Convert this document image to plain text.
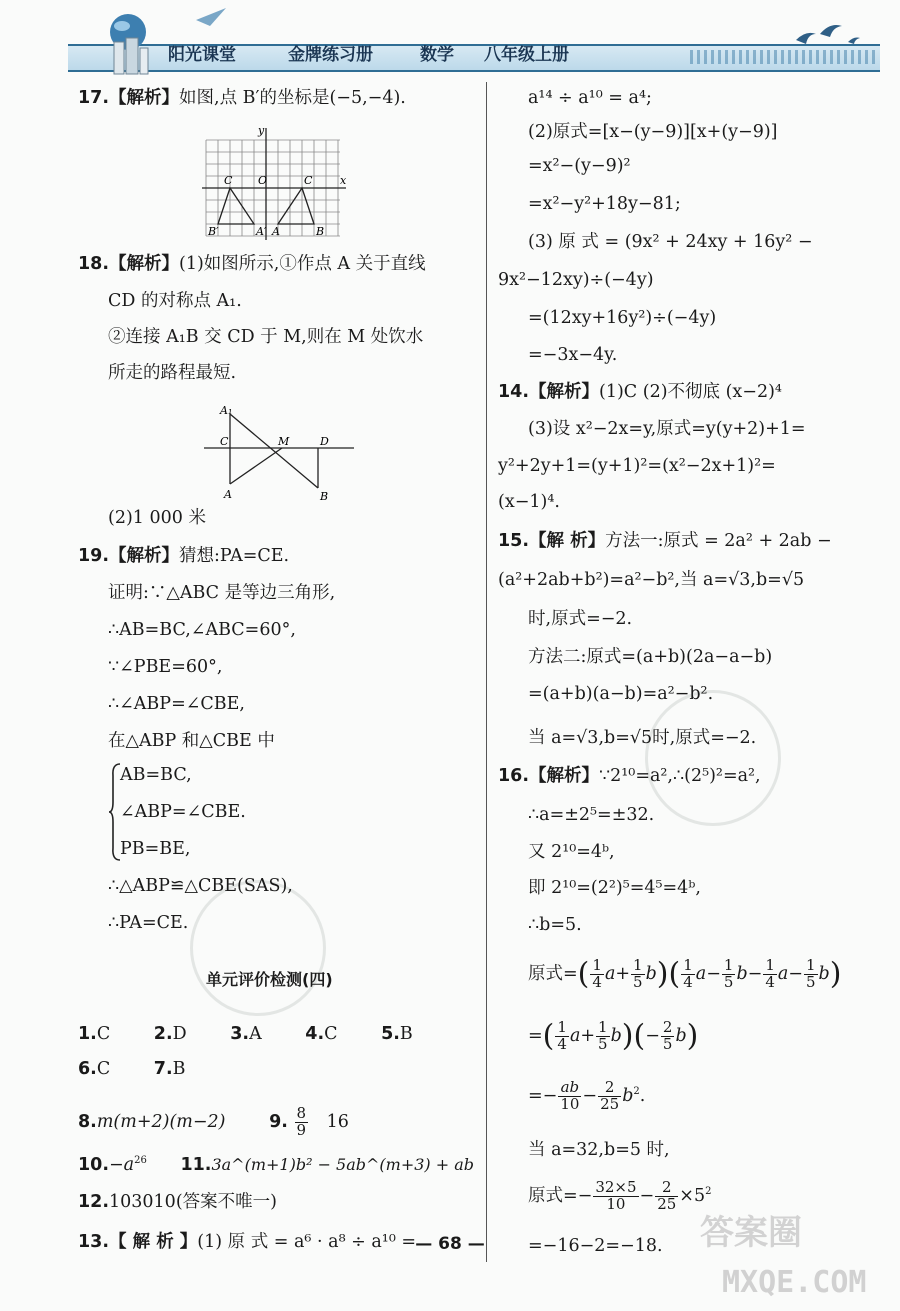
阳光课堂	金牌练习册	数学 八年级上册
17.【解析】如图,点 B′的坐标是(−5,−4).
y
C O	C	x
B′	A′ A	B
18.【解析】(1)如图所示,①作点 A 关于直线
CD 的对称点 A₁.
②连接 A₁B 交 CD 于 M,则在 M 处饮水
所走的路程最短.
A₁
C	M	D
A	B
(2)1 000 米
19.【解析】猜想:PA=CE.
证明:∵△ABC 是等边三角形,
∴AB=BC,∠ABC=60°,
∵∠PBE=60°,
∴∠ABP=∠CBE,
在△ABP 和△CBE 中
AB=BC,
∠ABP=∠CBE.
PB=BE,
∴△ABP≌△CBE(SAS),
∴PA=CE.
单元评价检测(四)
1.C 2.D 3.A 4.C 5.B
6.C 7.B
8.m(m+2)(m−2) 9. $\frac{8}{9} 16$
$10.-a^{26}$ 11.3a^(m+1)b² − 5ab^(m+3) + ab
12.103010(答案不唯一)
13.【 解 析 】(1) 原 式 = a⁶ · a⁸ ÷ a¹⁰ =
a¹⁴ ÷ a¹⁰ = a⁴;
(2)原式=[x−(y−9)][x+(y−9)]
=x²−(y−9)²
=x²−y²+18y−81;
(3) 原 式 = (9x² + 24xy + 16y² −
9x²−12xy)÷(−4y)
=(12xy+16y²)÷(−4y)
=−3x−4y.
14.【解析】(1)C (2)不彻底 (x−2)⁴
(3)设 x²−2x=y,原式=y(y+2)+1=
y²+2y+1=(y+1)²=(x²−2x+1)²=
(x−1)⁴.
15.【解 析】方法一:原式 = 2a² + 2ab −
(a²+2ab+b²)=a²−b²,当 a=√3,b=√5
时,原式=−2.
方法二:原式=(a+b)(2a−a−b)
=(a+b)(a−b)=a²−b².
当 a=√3,b=√5时,原式=−2.
16.【解析】∵2¹⁰=a²,∴(2⁵)²=a²,
∴a=±2⁵=±32.
又 2¹⁰=4ᵇ,
即 2¹⁰=(2²)⁵=4⁵=4ᵇ,
∴b=5.
原式=( $\frac{1}{4} a+ \frac{1}{5} b)( \frac{1}{4} a- \frac{1}{5} b- \frac{1}{4} a- \frac{1}{5} b)$
=( $\frac{1}{4} a+ \frac{1}{5} b)(- \frac{2}{5} b)$
=− $\frac{ab}{10} - \frac{2}{25} b^2$.
当 a=32,b=5 时,
原式=− $\frac{32\times 5}{10} - \frac{2}{25} \times 5^2$
=−16−2=−18.
— 68 —	答案圈
MXQE.COM
